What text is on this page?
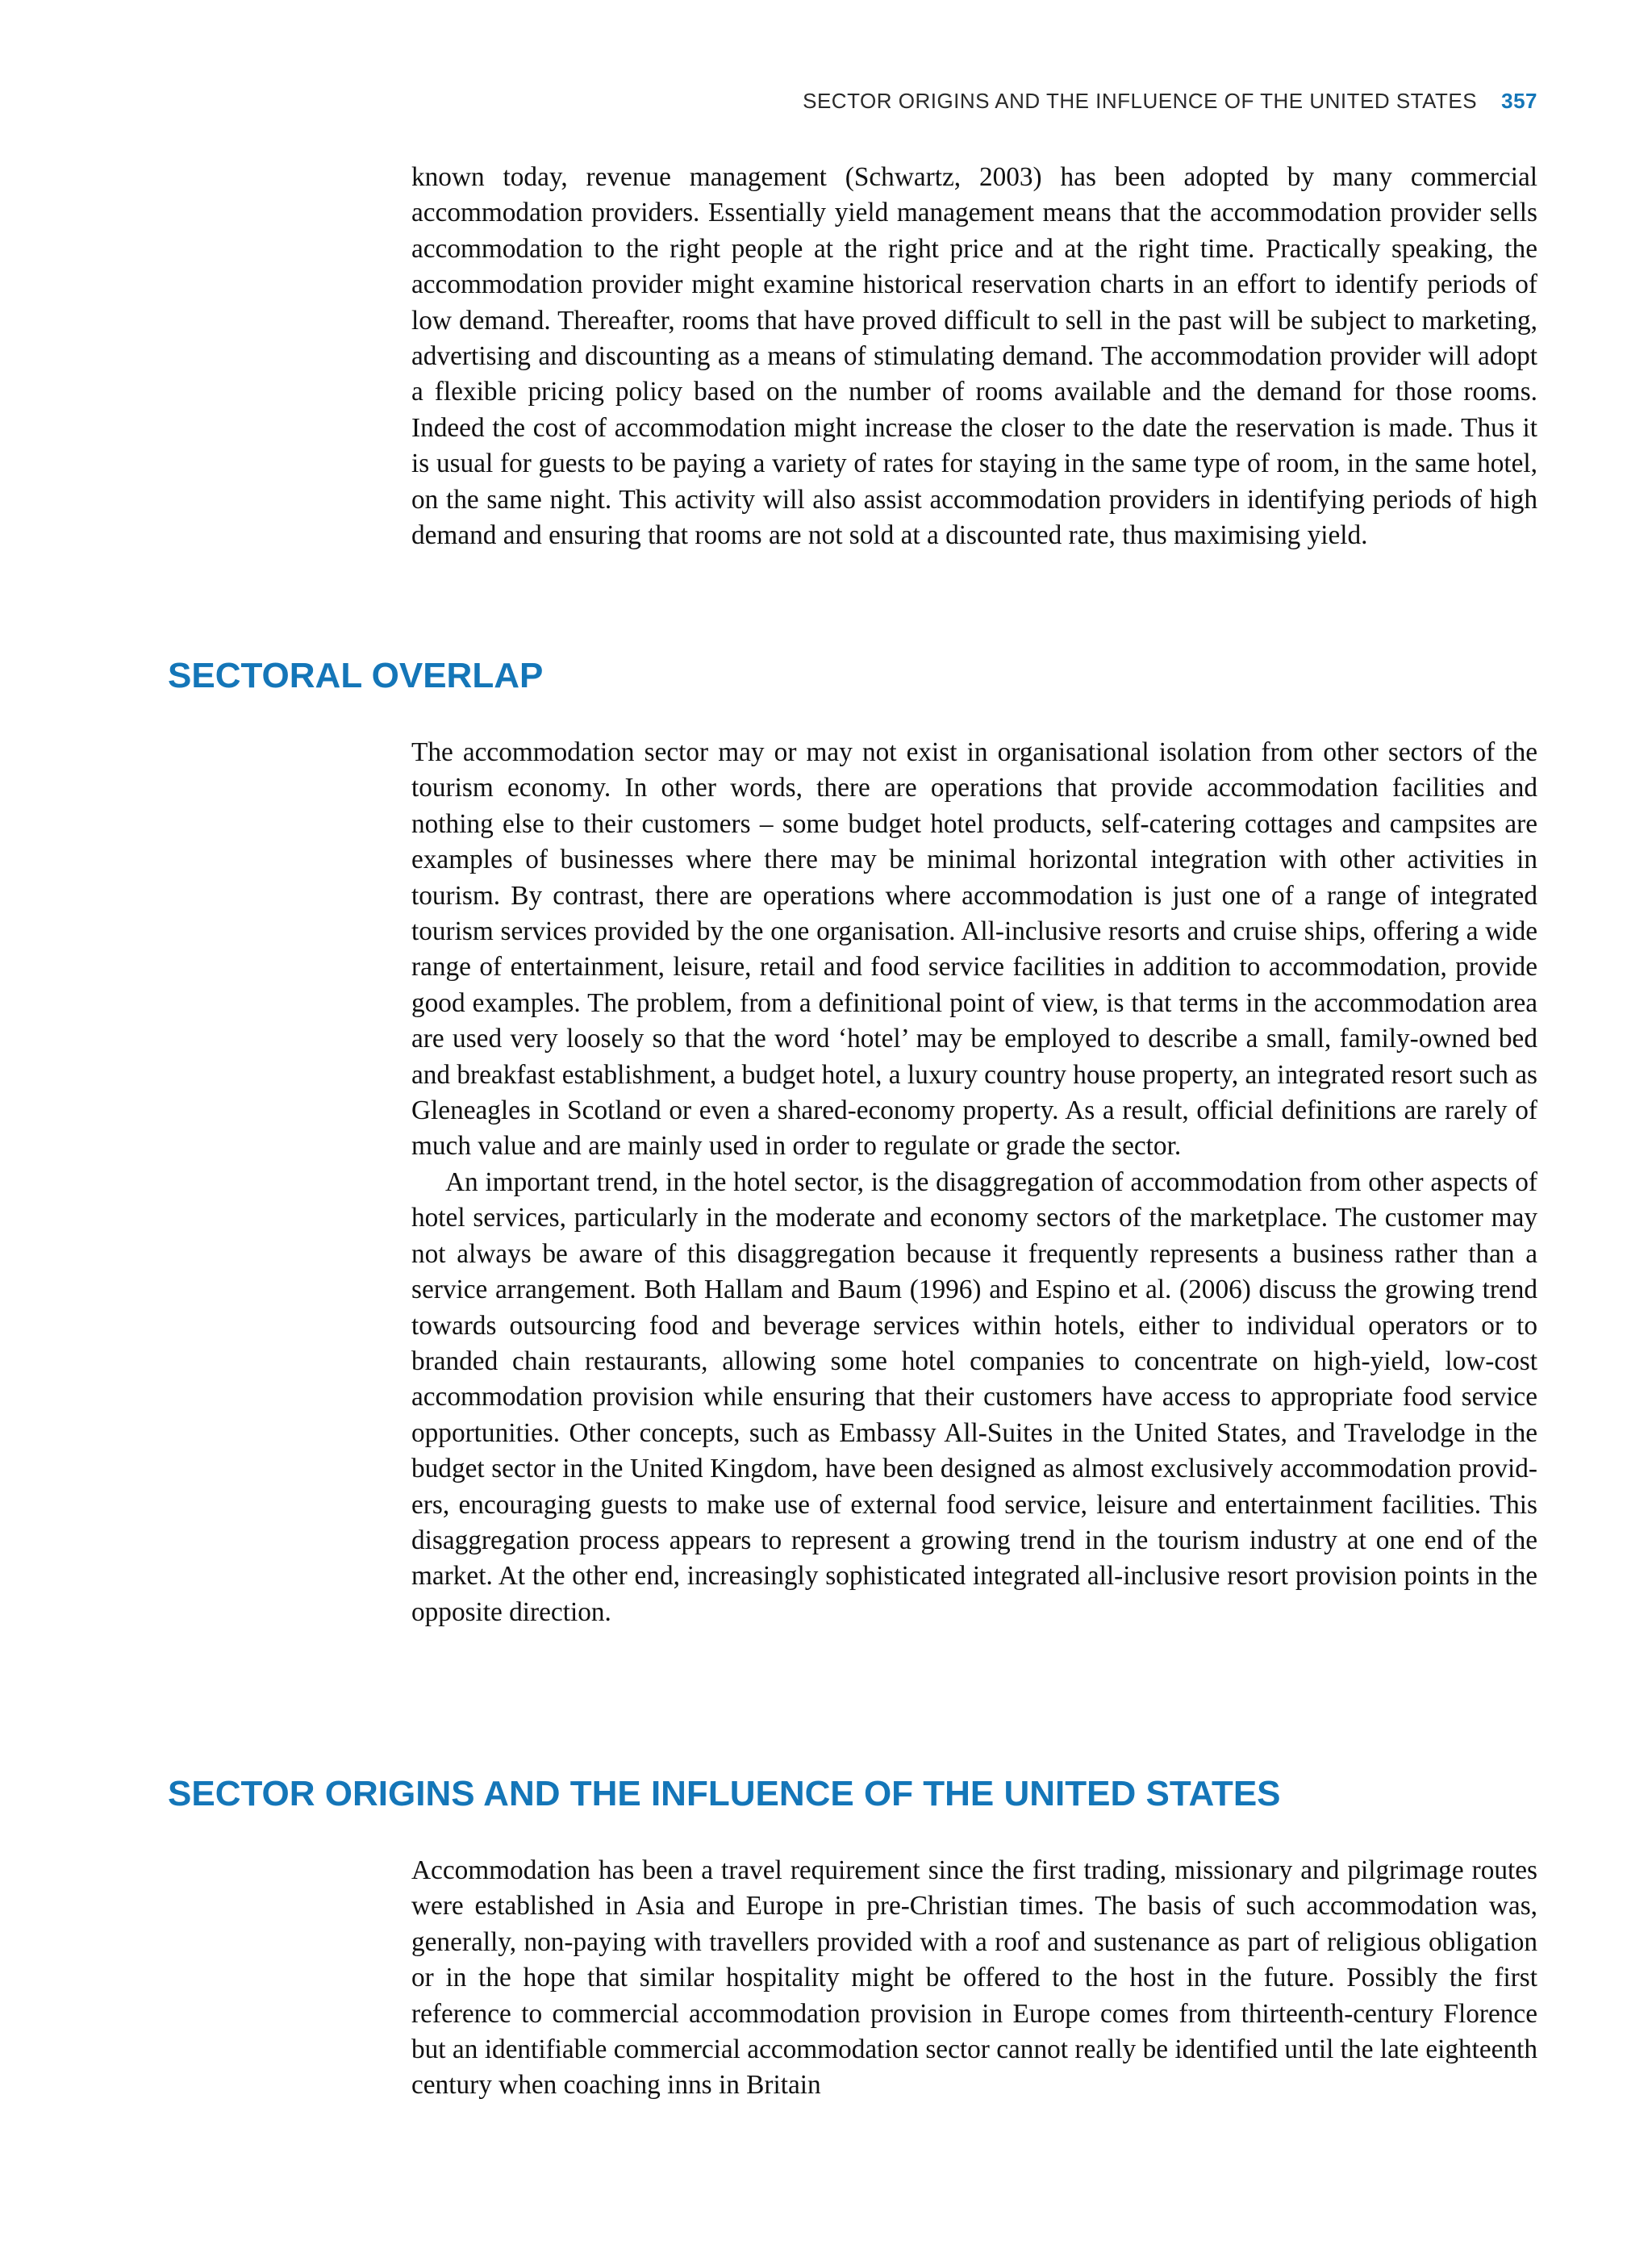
SECTOR ORIGINS AND THE INFLUENCE OF THE UNITED STATES 357

known today, revenue management (Schwartz, 2003) has been adopted by many commercial accommodation providers. Essentially yield management means that the accommodation provider sells accommodation to the right people at the right price and at the right time. Practically speaking, the accommodation provider might examine historical reservation charts in an effort to identify periods of low demand. Thereafter, rooms that have proved difficult to sell in the past will be subject to marketing, advertising and discounting as a means of stimulating demand. The accommodation provider will adopt a flexible pricing policy based on the number of rooms available and the demand for those rooms. Indeed the cost of accommodation might increase the closer to the date the reservation is made. Thus it is usual for guests to be paying a variety of rates for staying in the same type of room, in the same hotel, on the same night. This activity will also assist accommodation providers in identifying periods of high demand and ensuring that rooms are not sold at a discounted rate, thus maximising yield.

SECTORAL OVERLAP

The accommodation sector may or may not exist in organisational isolation from other sectors of the tourism economy. In other words, there are operations that provide accommodation facilities and nothing else to their customers – some budget hotel products, self-catering cottages and campsites are examples of businesses where there may be minimal horizontal integration with other activities in tourism. By contrast, there are operations where accommodation is just one of a range of integrated tourism services provided by the one organisation. All-inclusive resorts and cruise ships, offering a wide range of entertainment, leisure, retail and food service facilities in addition to accommodation, provide good examples. The problem, from a definitional point of view, is that terms in the accommodation area are used very loosely so that the word ‘hotel’ may be employed to describe a small, family-owned bed and breakfast establishment, a budget hotel, a luxury country house property, an integrated resort such as Gleneagles in Scotland or even a shared-economy property. As a result, official definitions are rarely of much value and are mainly used in order to regulate or grade the sector.

An important trend, in the hotel sector, is the disaggregation of accommodation from other aspects of hotel services, particularly in the moderate and economy sectors of the marketplace. The customer may not always be aware of this disaggregation because it frequently represents a business rather than a service arrangement. Both Hallam and Baum (1996) and Espino et al. (2006) discuss the growing trend towards outsourcing food and beverage services within hotels, either to individual operators or to branded chain restaurants, allowing some hotel companies to concentrate on high-yield, low-cost accommodation provision while ensuring that their customers have access to appropriate food service opportunities. Other concepts, such as Embassy All-Suites in the United States, and Travelodge in the budget sector in the United Kingdom, have been designed as almost exclusively accommodation providers, encouraging guests to make use of external food service, leisure and entertainment facilities. This disaggregation process appears to represent a growing trend in the tourism industry at one end of the market. At the other end, increasingly sophisticated integrated all-inclusive resort provision points in the opposite direction.

SECTOR ORIGINS AND THE INFLUENCE OF THE UNITED STATES

Accommodation has been a travel requirement since the first trading, missionary and pilgrimage routes were established in Asia and Europe in pre-Christian times. The basis of such accommodation was, generally, non-paying with travellers provided with a roof and sustenance as part of religious obligation or in the hope that similar hospitality might be offered to the host in the future. Possibly the first reference to commercial accommodation provision in Europe comes from thirteenth-century Florence but an identifiable commercial accommodation sector cannot really be identified until the late eighteenth century when coaching inns in Britain
